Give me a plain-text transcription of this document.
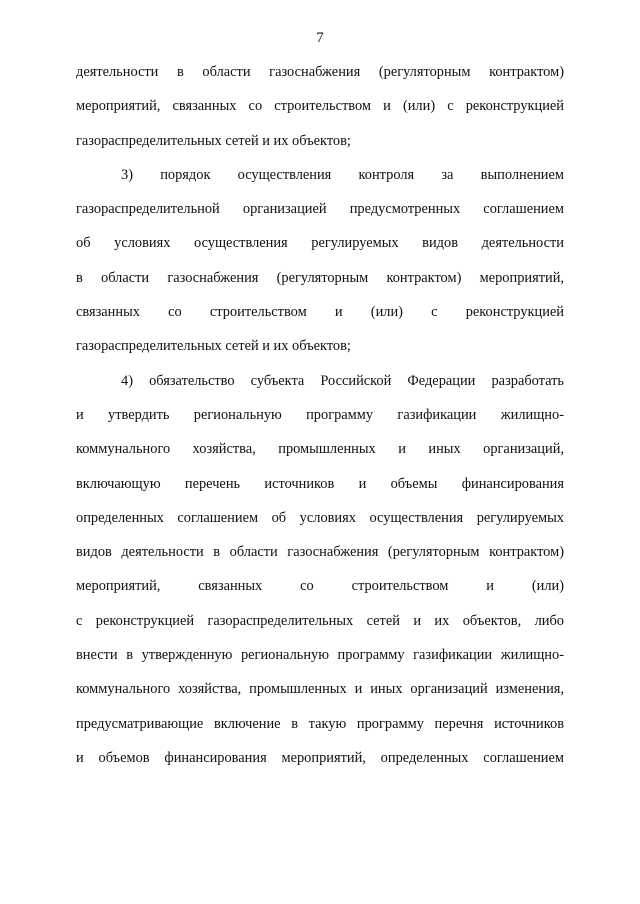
7
деятельности в области газоснабжения (регуляторным контрактом)
мероприятий, связанных со строительством и (или) с реконструкцией
газораспределительных сетей и их объектов;
3) порядок осуществления контроля за выполнением
газораспределительной организацией предусмотренных соглашением
об условиях осуществления регулируемых видов деятельности
в области газоснабжения (регуляторным контрактом) мероприятий,
связанных со строительством и (или) с реконструкцией
газораспределительных сетей и их объектов;
4) обязательство субъекта Российской Федерации разработать
и утвердить региональную программу газификации жилищно-
коммунального хозяйства, промышленных и иных организаций,
включающую перечень источников и объемы финансирования
определенных соглашением об условиях осуществления регулируемых
видов деятельности в области газоснабжения (регуляторным контрактом)
мероприятий, связанных со строительством и (или)
с реконструкцией газораспределительных сетей и их объектов, либо
внести в утвержденную региональную программу газификации жилищно-
коммунального хозяйства, промышленных и иных организаций изменения,
предусматривающие включение в такую программу перечня источников
и объемов финансирования мероприятий, определенных соглашением
